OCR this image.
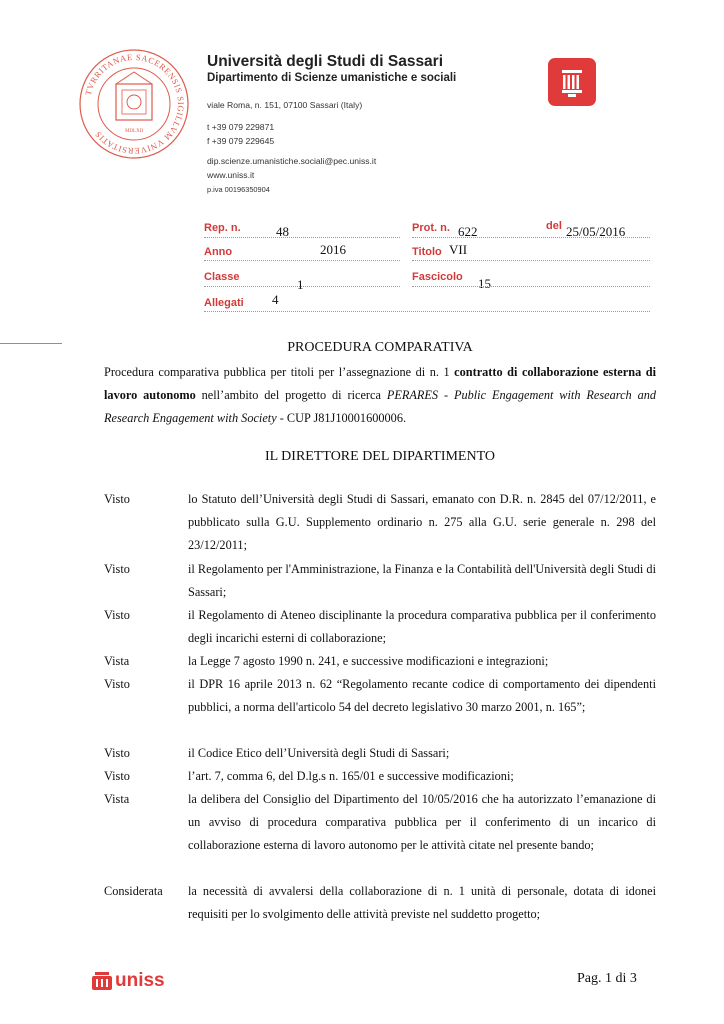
TVRRITANAE SACERENSIS SIGILLVM VNIVERSITATIS	MDLXII
Università degli Studi di Sassari
Dipartimento di Scienze umanistiche e sociali
viale Roma, n. 151, 07100 Sassari (Italy)
t +39 079 229871
f +39 079 229645
dip.scienze.umanistiche.sociali@pec.uniss.it
www.uniss.it
p.iva 00196350904
Rep. n.	48	Prot. n. 622	del 25/05/2016
Anno	2016	Titolo VII
Classe	1	Fascicolo 15
Allegati 4
PROCEDURA COMPARATIVA
Procedura comparativa pubblica per titoli per l’assegnazione di n. 1 contratto di collaborazione esterna di lavoro autonomo nell’ambito del progetto di ricerca PERARES - Public Engagement with Research and Research Engagement with Society - CUP J81J10001600006.
IL DIRETTORE DEL DIPARTIMENTO
Visto	lo Statuto dell’Università degli Studi di Sassari, emanato con D.R. n. 2845 del 07/12/2011, e pubblicato sulla G.U. Supplemento ordinario n. 275 alla G.U. serie generale n. 298 del 23/12/2011;
Visto	il Regolamento per l'Amministrazione, la Finanza e la Contabilità dell'Università degli Studi di Sassari;
Visto	il Regolamento di Ateneo disciplinante la procedura comparativa pubblica per il conferimento degli incarichi esterni di collaborazione;
Vista	la Legge 7 agosto 1990 n. 241, e successive modificazioni e integrazioni;
Visto	il DPR 16 aprile 2013 n. 62 “Regolamento recante codice di comportamento dei dipendenti pubblici, a norma dell'articolo 54 del decreto legislativo 30 marzo 2001, n. 165”;
Visto	il Codice Etico dell’Università degli Studi di Sassari;
Visto	l’art. 7, comma 6, del D.lg.s n. 165/01 e successive modificazioni;
Vista	la delibera del Consiglio del Dipartimento del 10/05/2016 che ha autorizzato l’emanazione di un avviso di procedura comparativa pubblica per il conferimento di un incarico di collaborazione esterna di lavoro autonomo per le attività citate nel presente bando;
Considerata la necessità di avvalersi della collaborazione di n. 1 unità di personale, dotata di idonei requisiti per lo svolgimento delle attività previste nel suddetto progetto;
uniss	Pag. 1 di 3
